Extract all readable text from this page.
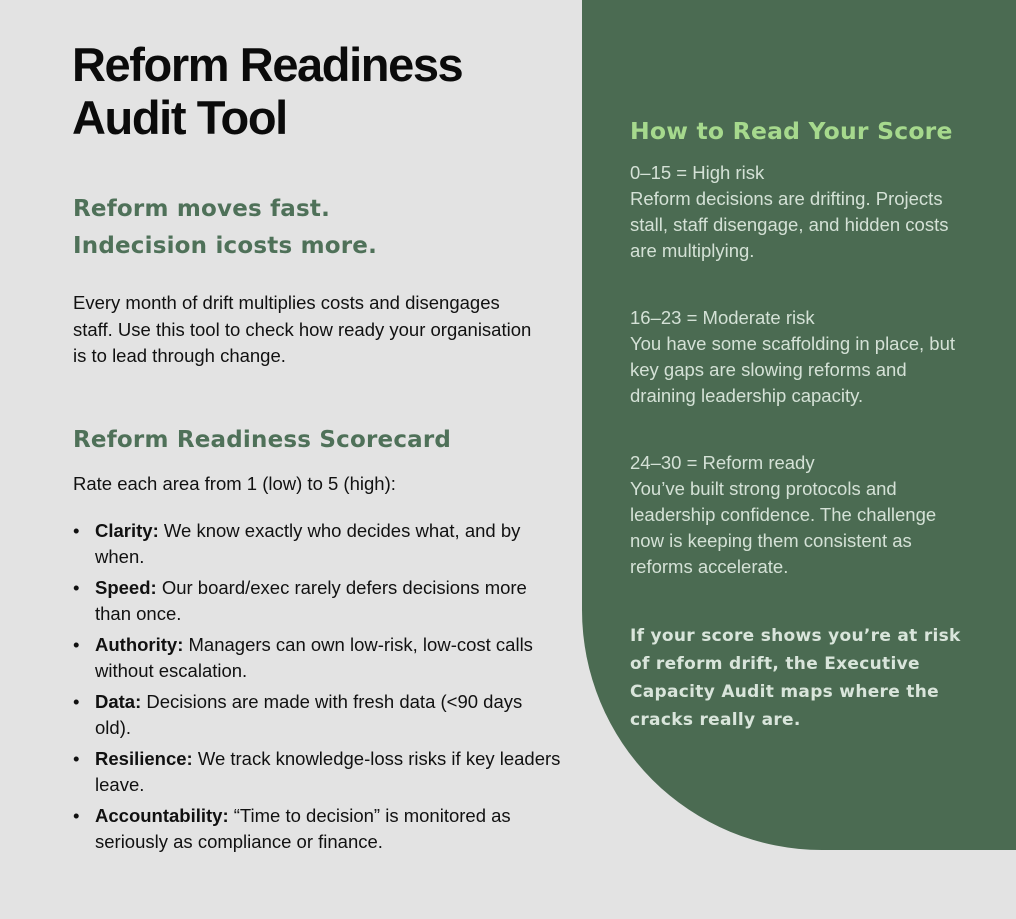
Reform Readiness
Audit Tool
Reform moves fast.
Indecision icosts more.

Every month of drift multiplies costs and disengages staff. Use this tool to check how ready your organisation is to lead through change.

Reform Readiness Scorecard

Rate each area from 1 (low) to 5 (high):

• Clarity: We know exactly who decides what, and by when.
• Speed: Our board/exec rarely defers decisions more than once.
• Authority: Managers can own low-risk, low-cost calls without escalation.
• Data: Decisions are made with fresh data (<90 days old).
• Resilience: We track knowledge-loss risks if key leaders leave.
• Accountability: “Time to decision” is monitored as seriously as compliance or finance.
How to Read Your Score

0–15 = High risk
Reform decisions are drifting. Projects stall, staff disengage, and hidden costs are multiplying.

16–23 = Moderate risk
You have some scaffolding in place, but key gaps are slowing reforms and draining leadership capacity.

24–30 = Reform ready
You’ve built strong protocols and leadership confidence. The challenge now is keeping them consistent as reforms accelerate.

If your score shows you’re at risk of reform drift, the Executive Capacity Audit maps where the cracks really are.
